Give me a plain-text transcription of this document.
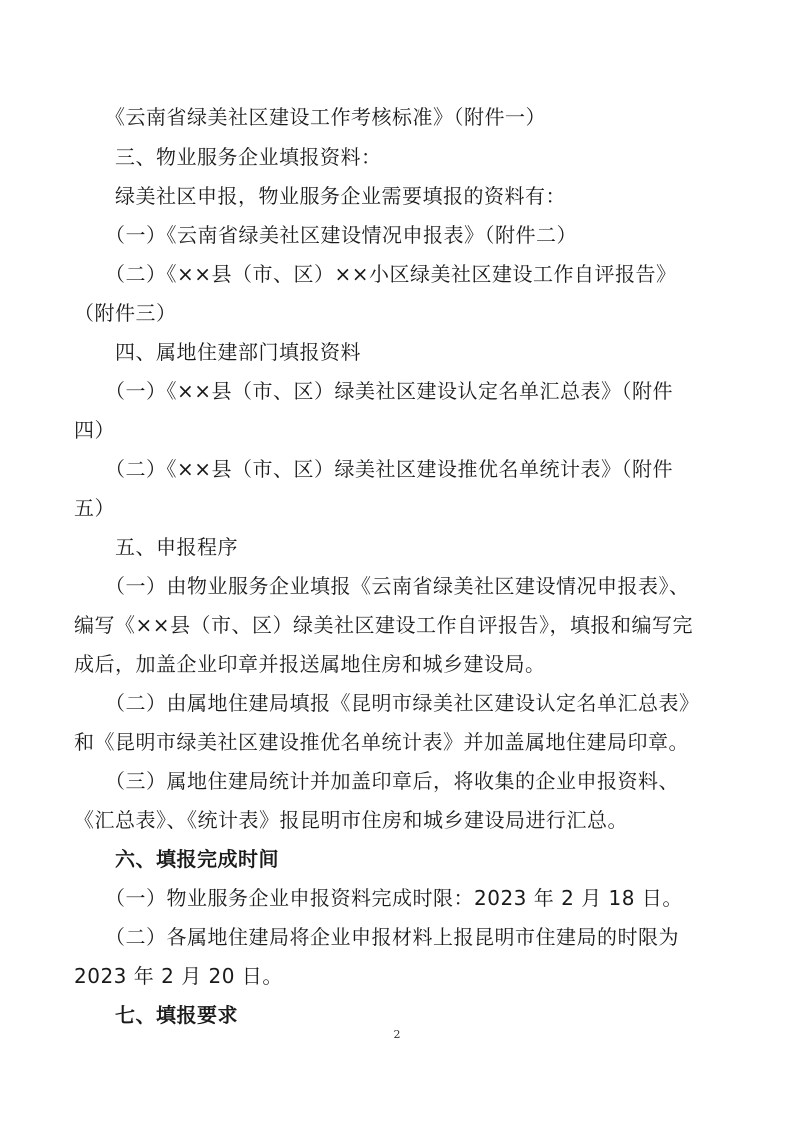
　　《云南省绿美社区建设工作考核标准》（附件一）
　　三、物业服务企业填报资料：
　　绿美社区申报，物业服务企业需要填报的资料有：
　　（一）《云南省绿美社区建设情况申报表》（附件二）
　　（二）《××县（市、区）××小区绿美社区建设工作自评报告》
（附件三）
　　四、属地住建部门填报资料
　　（一）《××县（市、区）绿美社区建设认定名单汇总表》（附件
四）
　　（二）《××县（市、区）绿美社区建设推优名单统计表》（附件
五）
　　五、申报程序
　　（一）由物业服务企业填报《云南省绿美社区建设情况申报表》、
编写《××县（市、区）绿美社区建设工作自评报告》，填报和编写完
成后，加盖企业印章并报送属地住房和城乡建设局。
　　（二）由属地住建局填报《昆明市绿美社区建设认定名单汇总表》
和《昆明市绿美社区建设推优名单统计表》并加盖属地住建局印章。
　　（三）属地住建局统计并加盖印章后，将收集的企业申报资料、
《汇总表》、《统计表》报昆明市住房和城乡建设局进行汇总。
　　六、填报完成时间
　　（一）物业服务企业申报资料完成时限：2023 年 2 月 18 日。
　　（二）各属地住建局将企业申报材料上报昆明市住建局的时限为
2023 年 2 月 20 日。
　　七、填报要求
2
